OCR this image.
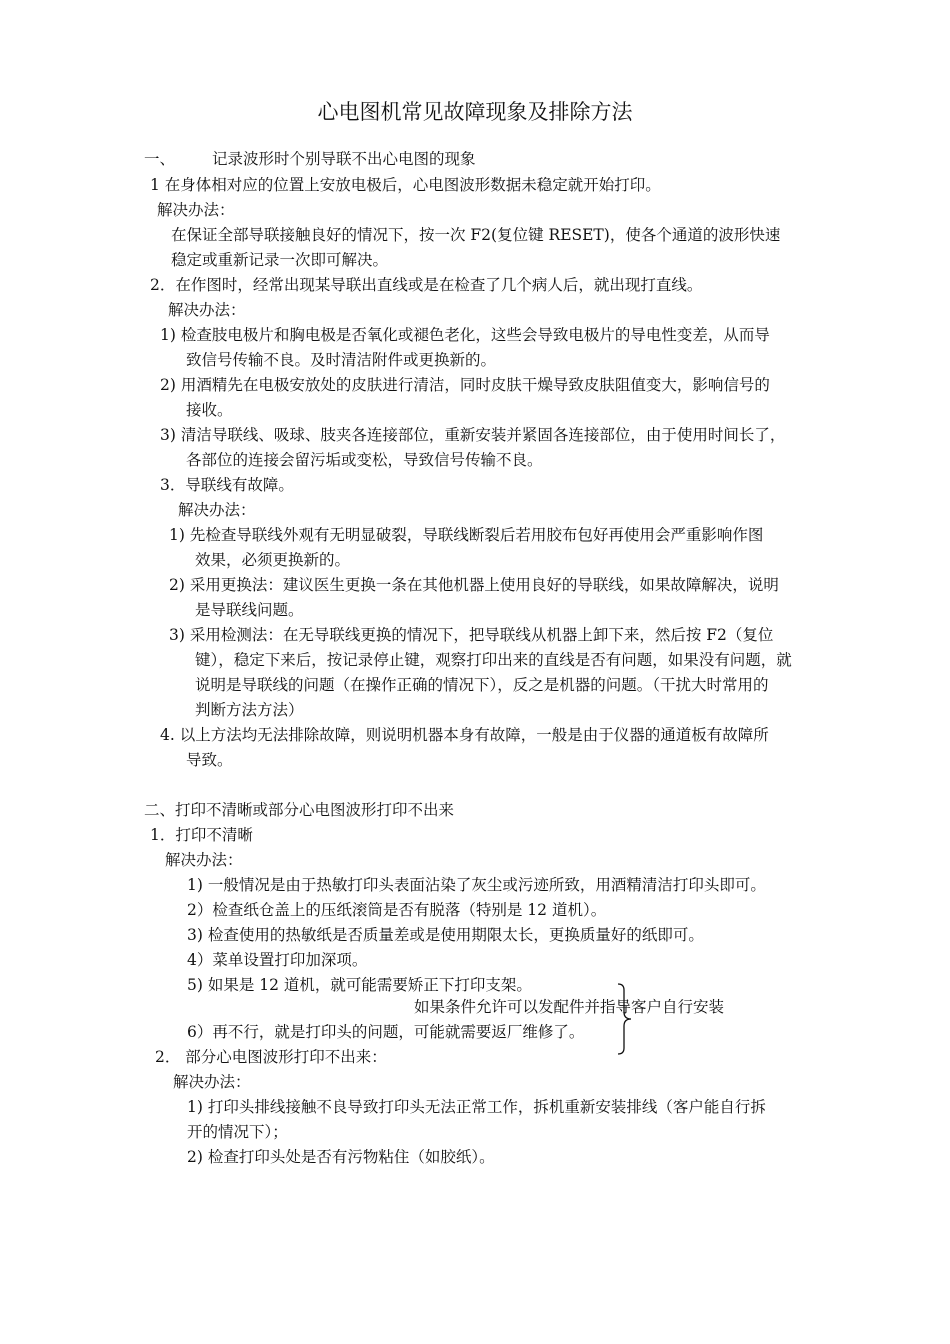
心电图机常见故障现象及排除方法
一、 记录波形时个别导联不出心电图的现象
1 在身体相对应的位置上安放电极后，心电图波形数据未稳定就开始打印。
解决办法：
在保证全部导联接触良好的情况下，按一次 F2(复位键 RESET)，使各个通道的波形快速
稳定或重新记录一次即可解决。
2．在作图时，经常出现某导联出直线或是在检查了几个病人后，就出现打直线。
解决办法：
1) 检查肢电极片和胸电极是否氧化或褪色老化，这些会导致电极片的导电性变差，从而导
致信号传输不良。及时清洁附件或更换新的。
2) 用酒精先在电极安放处的皮肤进行清洁，同时皮肤干燥导致皮肤阻值变大，影响信号的
接收。
3) 清洁导联线、吸球、肢夹各连接部位，重新安装并紧固各连接部位，由于使用时间长了，
各部位的连接会留污垢或变松，导致信号传输不良。
3．导联线有故障。
解决办法：
1) 先检查导联线外观有无明显破裂，导联线断裂后若用胶布包好再使用会严重影响作图
效果，必须更换新的。
2) 采用更换法：建议医生更换一条在其他机器上使用良好的导联线，如果故障解决，说明
是导联线问题。
3) 采用检测法：在无导联线更换的情况下，把导联线从机器上卸下来，然后按 F2（复位
键），稳定下来后，按记录停止键，观察打印出来的直线是否有问题，如果没有问题，就
说明是导联线的问题（在操作正确的情况下），反之是机器的问题。（干扰大时常用的
判断方法方法）
4. 以上方法均无法排除故障，则说明机器本身有故障，一般是由于仪器的通道板有故障所
导致。
二、打印不清晰或部分心电图波形打印不出来
1．打印不清晰
解决办法：
1) 一般情况是由于热敏打印头表面沾染了灰尘或污迹所致，用酒精清洁打印头即可。
2）检查纸仓盖上的压纸滚筒是否有脱落（特别是 12 道机）。
3) 检查使用的热敏纸是否质量差或是使用期限太长，更换质量好的纸即可。
4）菜单设置打印加深项。
5) 如果是 12 道机，就可能需要矫正下打印支架。
如果条件允许可以发配件并指导客户自行安装
6）再不行，就是打印头的问题，可能就需要返厂维修了。
2． 部分心电图波形打印不出来：
解决办法：
1) 打印头排线接触不良导致打印头无法正常工作，拆机重新安装排线（客户能自行拆
开的情况下）；
2) 检查打印头处是否有污物粘住（如胶纸）。
